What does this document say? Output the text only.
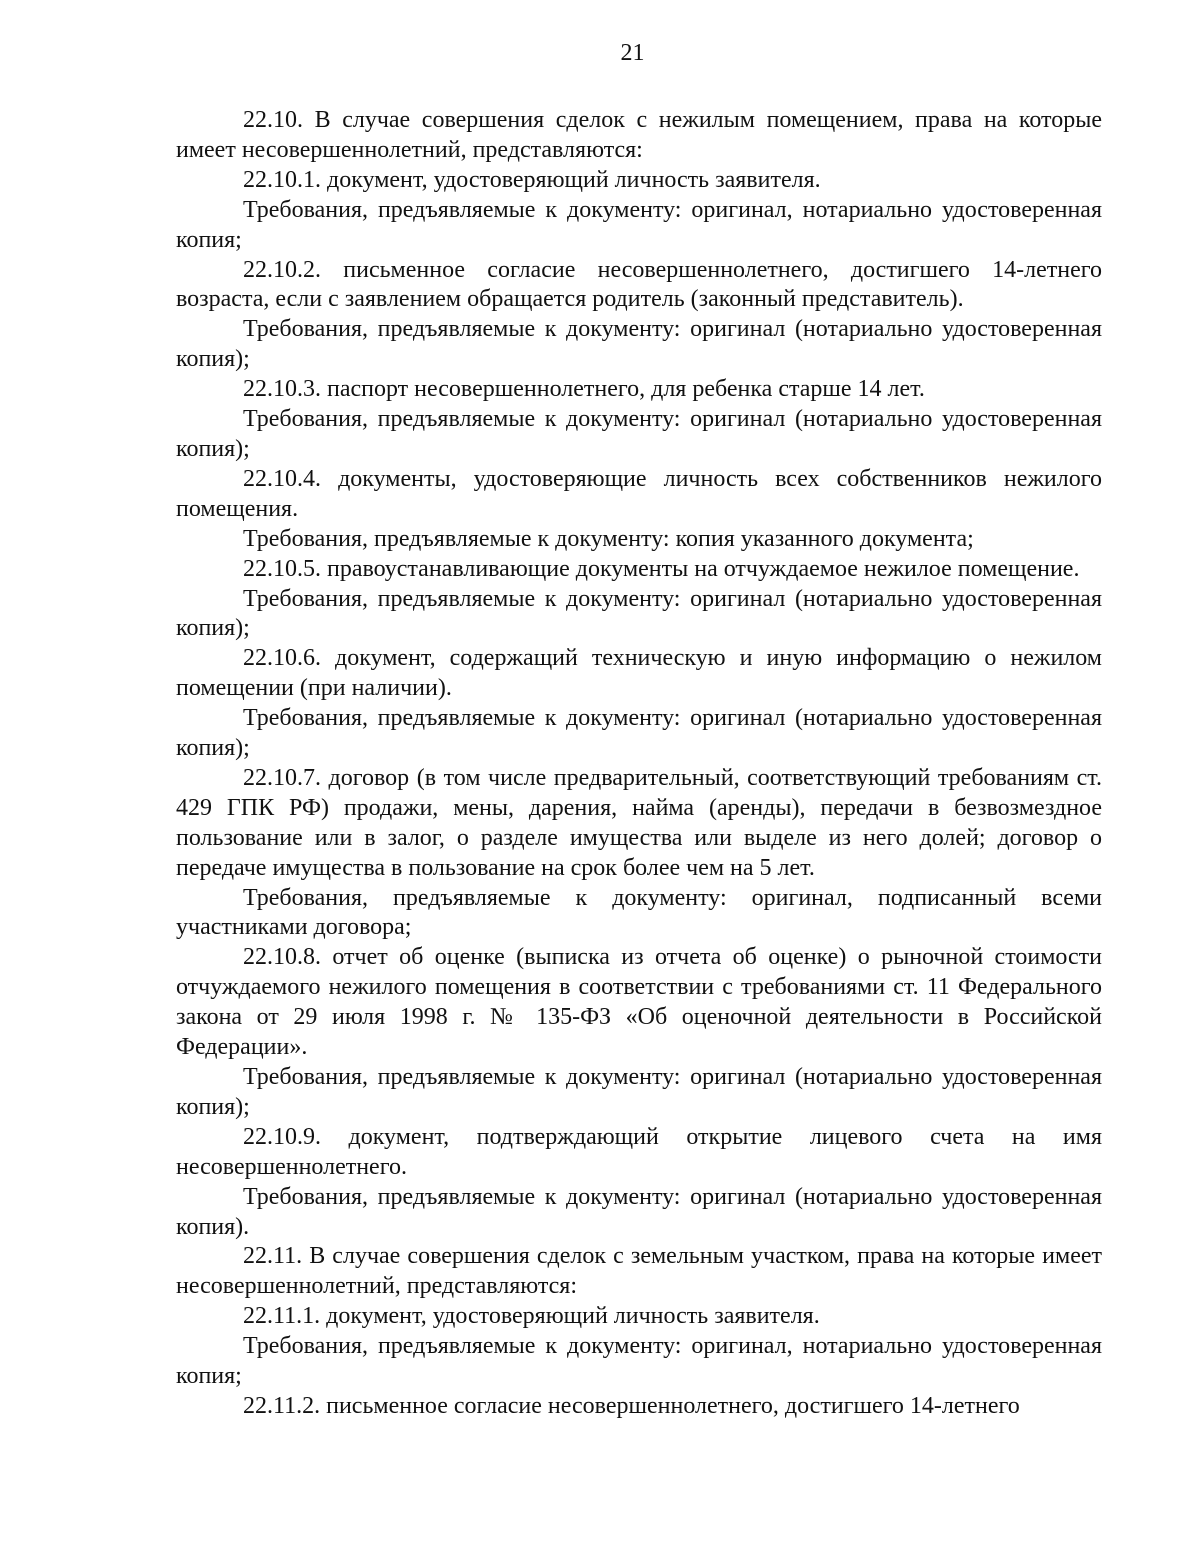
21

22.10. В случае совершения сделок с нежилым помещением, права на которые имеет несовершеннолетний, представляются:

22.10.1. документ, удостоверяющий личность заявителя.

Требования, предъявляемые к документу: оригинал, нотариально удостоверенная копия;

22.10.2. письменное согласие несовершеннолетнего, достигшего 14-летнего возраста, если с заявлением обращается родитель (законный представитель).

Требования, предъявляемые к документу: оригинал (нотариально удостоверенная копия);

22.10.3. паспорт несовершеннолетнего, для ребенка старше 14 лет.

Требования, предъявляемые к документу: оригинал (нотариально удостоверенная копия);

22.10.4. документы, удостоверяющие личность всех собственников нежилого помещения.

Требования, предъявляемые к документу: копия указанного документа;

22.10.5. правоустанавливающие документы на отчуждаемое нежилое помещение.

Требования, предъявляемые к документу: оригинал (нотариально удостоверенная копия);

22.10.6. документ, содержащий техническую и иную информацию о нежилом помещении (при наличии).

Требования, предъявляемые к документу: оригинал (нотариально удостоверенная копия);

22.10.7. договор (в том числе предварительный, соответствующий требованиям ст. 429 ГПК РФ) продажи, мены, дарения, найма (аренды), передачи в безвозмездное пользование или в залог, о разделе имущества или выделе из него долей; договор о передаче имущества в пользование на срок более чем на 5 лет.

Требования, предъявляемые к документу: оригинал, подписанный всеми участниками договора;

22.10.8. отчет об оценке (выписка из отчета об оценке) о рыночной стоимости отчуждаемого нежилого помещения в соответствии с требованиями ст. 11 Федерального закона от 29 июля 1998 г. № 135-ФЗ «Об оценочной деятельности в Российской Федерации».

Требования, предъявляемые к документу: оригинал (нотариально удостоверенная копия);

22.10.9. документ, подтверждающий открытие лицевого счета на имя несовершеннолетнего.

Требования, предъявляемые к документу: оригинал (нотариально удостоверенная копия).

22.11. В случае совершения сделок с земельным участком, права на которые имеет несовершеннолетний, представляются:

22.11.1. документ, удостоверяющий личность заявителя.

Требования, предъявляемые к документу: оригинал, нотариально удостоверенная копия;

22.11.2. письменное согласие несовершеннолетнего, достигшего 14-летнего
